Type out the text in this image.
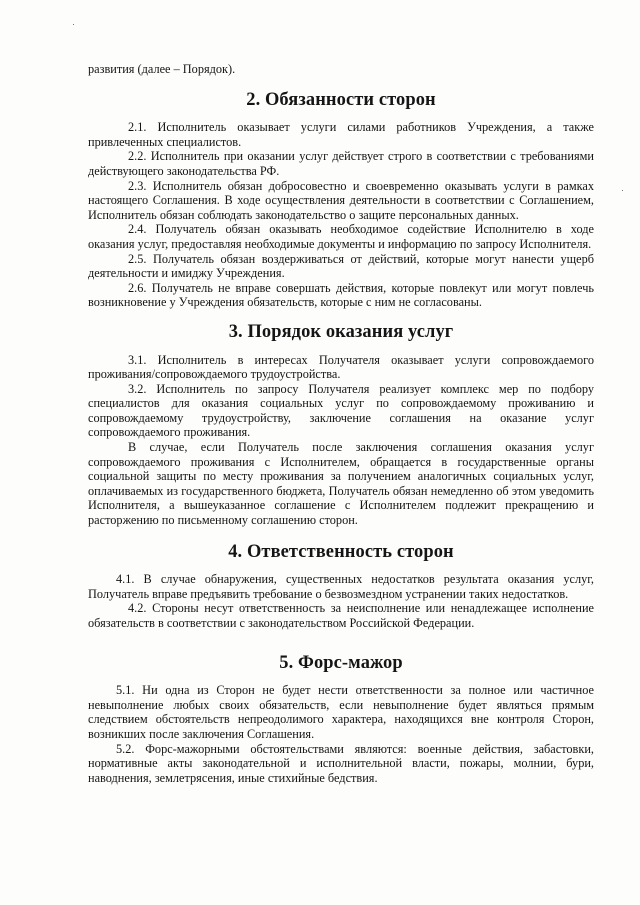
развития (далее – Порядок).

2. Обязанности сторон

2.1. Исполнитель оказывает услуги силами работников Учреждения, а также привлеченных специалистов.

2.2. Исполнитель при оказании услуг действует строго в соответствии с требованиями действующего законодательства РФ.

2.3. Исполнитель обязан добросовестно и своевременно оказывать услуги в рамках настоящего Соглашения. В ходе осуществления деятельности в соответствии с Соглашением, Исполнитель обязан соблюдать законодательство о защите персональных данных.

2.4. Получатель обязан оказывать необходимое содействие Исполнителю в ходе оказания услуг, предоставляя необходимые документы и информацию по запросу Исполнителя.

2.5. Получатель обязан воздерживаться от действий, которые могут нанести ущерб деятельности и имиджу Учреждения.

2.6. Получатель не вправе совершать действия, которые повлекут или могут повлечь возникновение у Учреждения обязательств, которые с ним не согласованы.

3. Порядок оказания услуг

3.1. Исполнитель в интересах Получателя оказывает услуги сопровождаемого проживания/сопровождаемого трудоустройства.

3.2. Исполнитель по запросу Получателя реализует комплекс мер по подбору специалистов для оказания социальных услуг по сопровождаемому проживанию и сопровождаемому трудоустройству, заключение соглашения на оказание услуг сопровождаемого проживания.

В случае, если Получатель после заключения соглашения оказания услуг сопровождаемого проживания с Исполнителем, обращается в государственные органы социальной защиты по месту проживания за получением аналогичных социальных услуг, оплачиваемых из государственного бюджета, Получатель обязан немедленно об этом уведомить Исполнителя, а вышеуказанное соглашение с Исполнителем подлежит прекращению и расторжению по письменному соглашению сторон.

4. Ответственность сторон

4.1. В случае обнаружения, существенных недостатков результата оказания услуг, Получатель вправе предъявить требование о безвозмездном устранении таких недостатков.

4.2. Стороны несут ответственность за неисполнение или ненадлежащее исполнение обязательств в соответствии с законодательством Российской Федерации.

5. Форс-мажор

5.1. Ни одна из Сторон не будет нести ответственности за полное или частичное невыполнение любых своих обязательств, если невыполнение будет являться прямым следствием обстоятельств непреодолимого характера, находящихся вне контроля Сторон, возникших после заключения Соглашения.

5.2. Форс-мажорными обстоятельствами являются: военные действия, забастовки, нормативные акты законодательной и исполнительной власти, пожары, молнии, бури, наводнения, землетрясения, иные стихийные бедствия.
